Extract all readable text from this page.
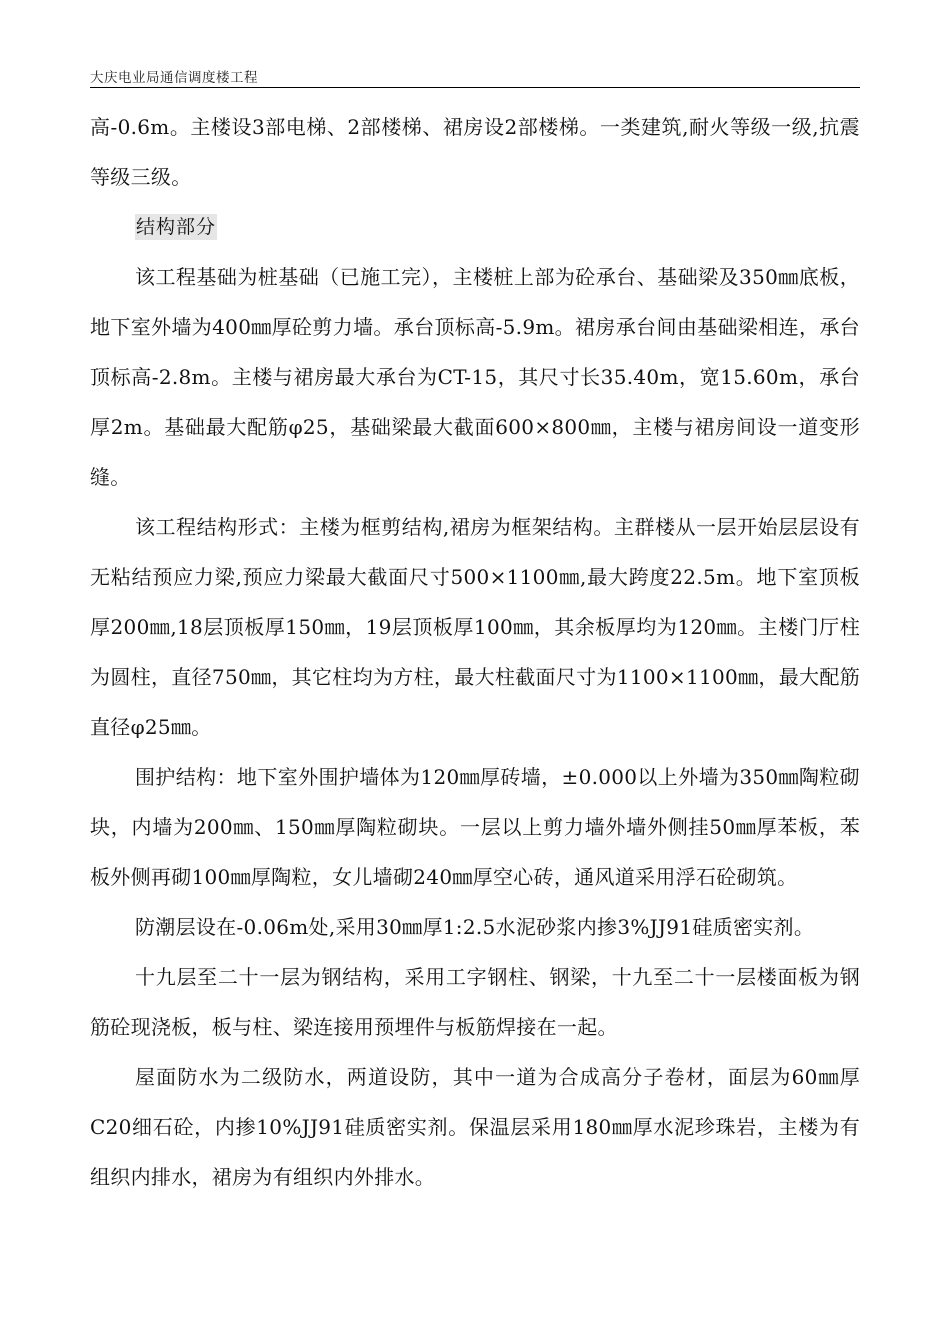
大庆电业局通信调度楼工程

高-0.6m。主楼设3部电梯、2部楼梯、裙房设2部楼梯。一类建筑,耐火等级一级,抗震等级三级。

结构部分

该工程基础为桩基础（已施工完），主楼桩上部为砼承台、基础梁及350㎜底板，地下室外墙为400㎜厚砼剪力墙。承台顶标高-5.9m。裙房承台间由基础梁相连，承台顶标高-2.8m。主楼与裙房最大承台为CT-15，其尺寸长35.40m，宽15.60m，承台厚2m。基础最大配筋φ25，基础梁最大截面600×800㎜，主楼与裙房间设一道变形缝。

该工程结构形式：主楼为框剪结构,裙房为框架结构。主群楼从一层开始层层设有无粘结预应力梁,预应力梁最大截面尺寸500×1100㎜,最大跨度22.5m。地下室顶板厚200㎜,18层顶板厚150㎜，19层顶板厚100㎜，其余板厚均为120㎜。主楼门厅柱为圆柱，直径750㎜，其它柱均为方柱，最大柱截面尺寸为1100×1100㎜，最大配筋直径φ25㎜。

围护结构：地下室外围护墙体为120㎜厚砖墙，±0.000以上外墙为350㎜陶粒砌块，内墙为200㎜、150㎜厚陶粒砌块。一层以上剪力墙外墙外侧挂50㎜厚苯板，苯板外侧再砌100㎜厚陶粒，女儿墙砌240㎜厚空心砖，通风道采用浮石砼砌筑。

防潮层设在-0.06m处,采用30㎜厚1:2.5水泥砂浆内掺3%JJ91硅质密实剂。

十九层至二十一层为钢结构，采用工字钢柱、钢梁，十九至二十一层楼面板为钢筋砼现浇板，板与柱、梁连接用预埋件与板筋焊接在一起。

屋面防水为二级防水，两道设防，其中一道为合成高分子卷材，面层为60㎜厚C20细石砼，内掺10%JJ91硅质密实剂。保温层采用180㎜厚水泥珍珠岩，主楼为有组织内排水，裙房为有组织内外排水。
